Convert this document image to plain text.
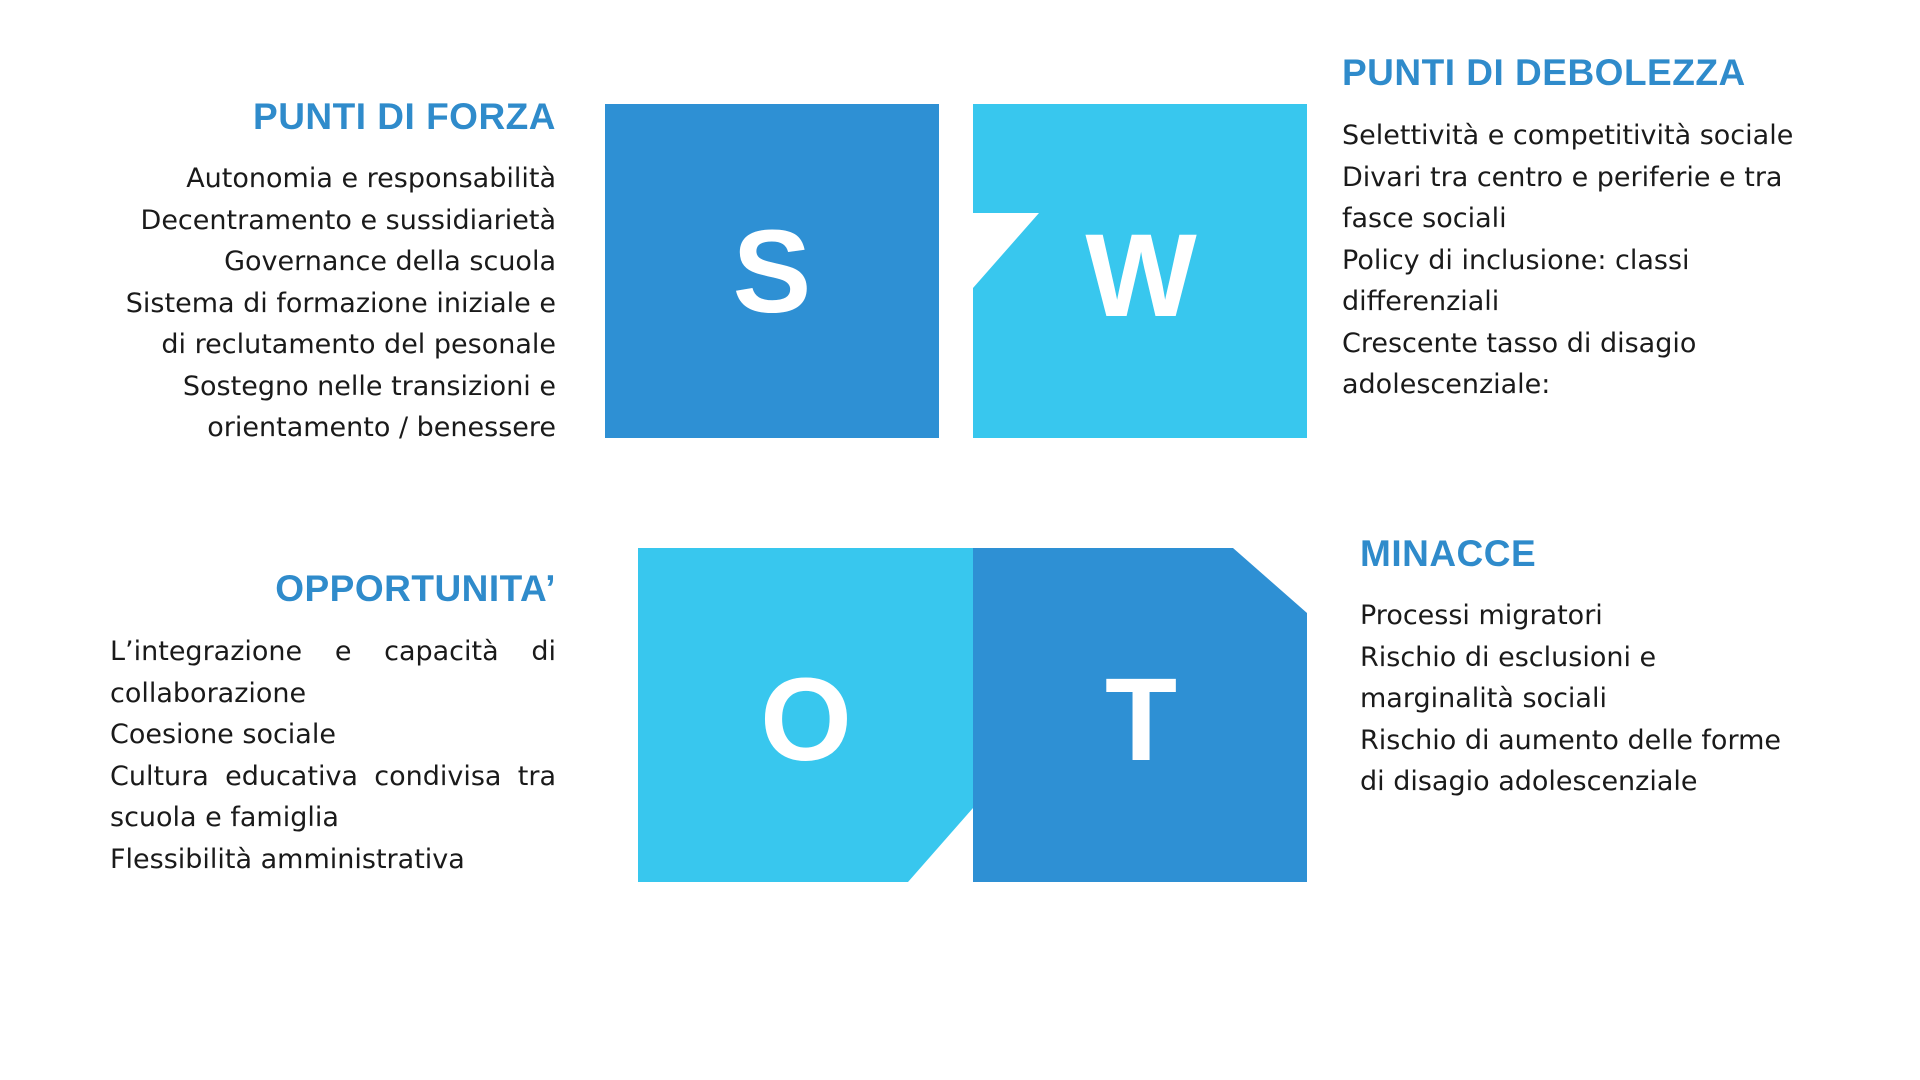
S W
O T
PUNTI DI FORZA
Autonomia e responsabilità
Decentramento e sussidiarietà
Governance della scuola
Sistema di formazione iniziale e di reclutamento del pesonale
Sostegno nelle transizioni e orientamento / benessere
PUNTI DI DEBOLEZZA
Selettività e competitività sociale
Divari tra centro e periferie e tra fasce sociali
Policy di inclusione: classi differenziali
Crescente tasso di disagio adolescenziale:
OPPORTUNITA’
L’integrazione e capacità di collaborazione
Coesione sociale
Cultura educativa condivisa tra scuola e famiglia
Flessibilità amministrativa
MINACCE
Processi migratori
Rischio di esclusioni e marginalità sociali
Rischio di aumento delle forme di disagio adolescenziale
